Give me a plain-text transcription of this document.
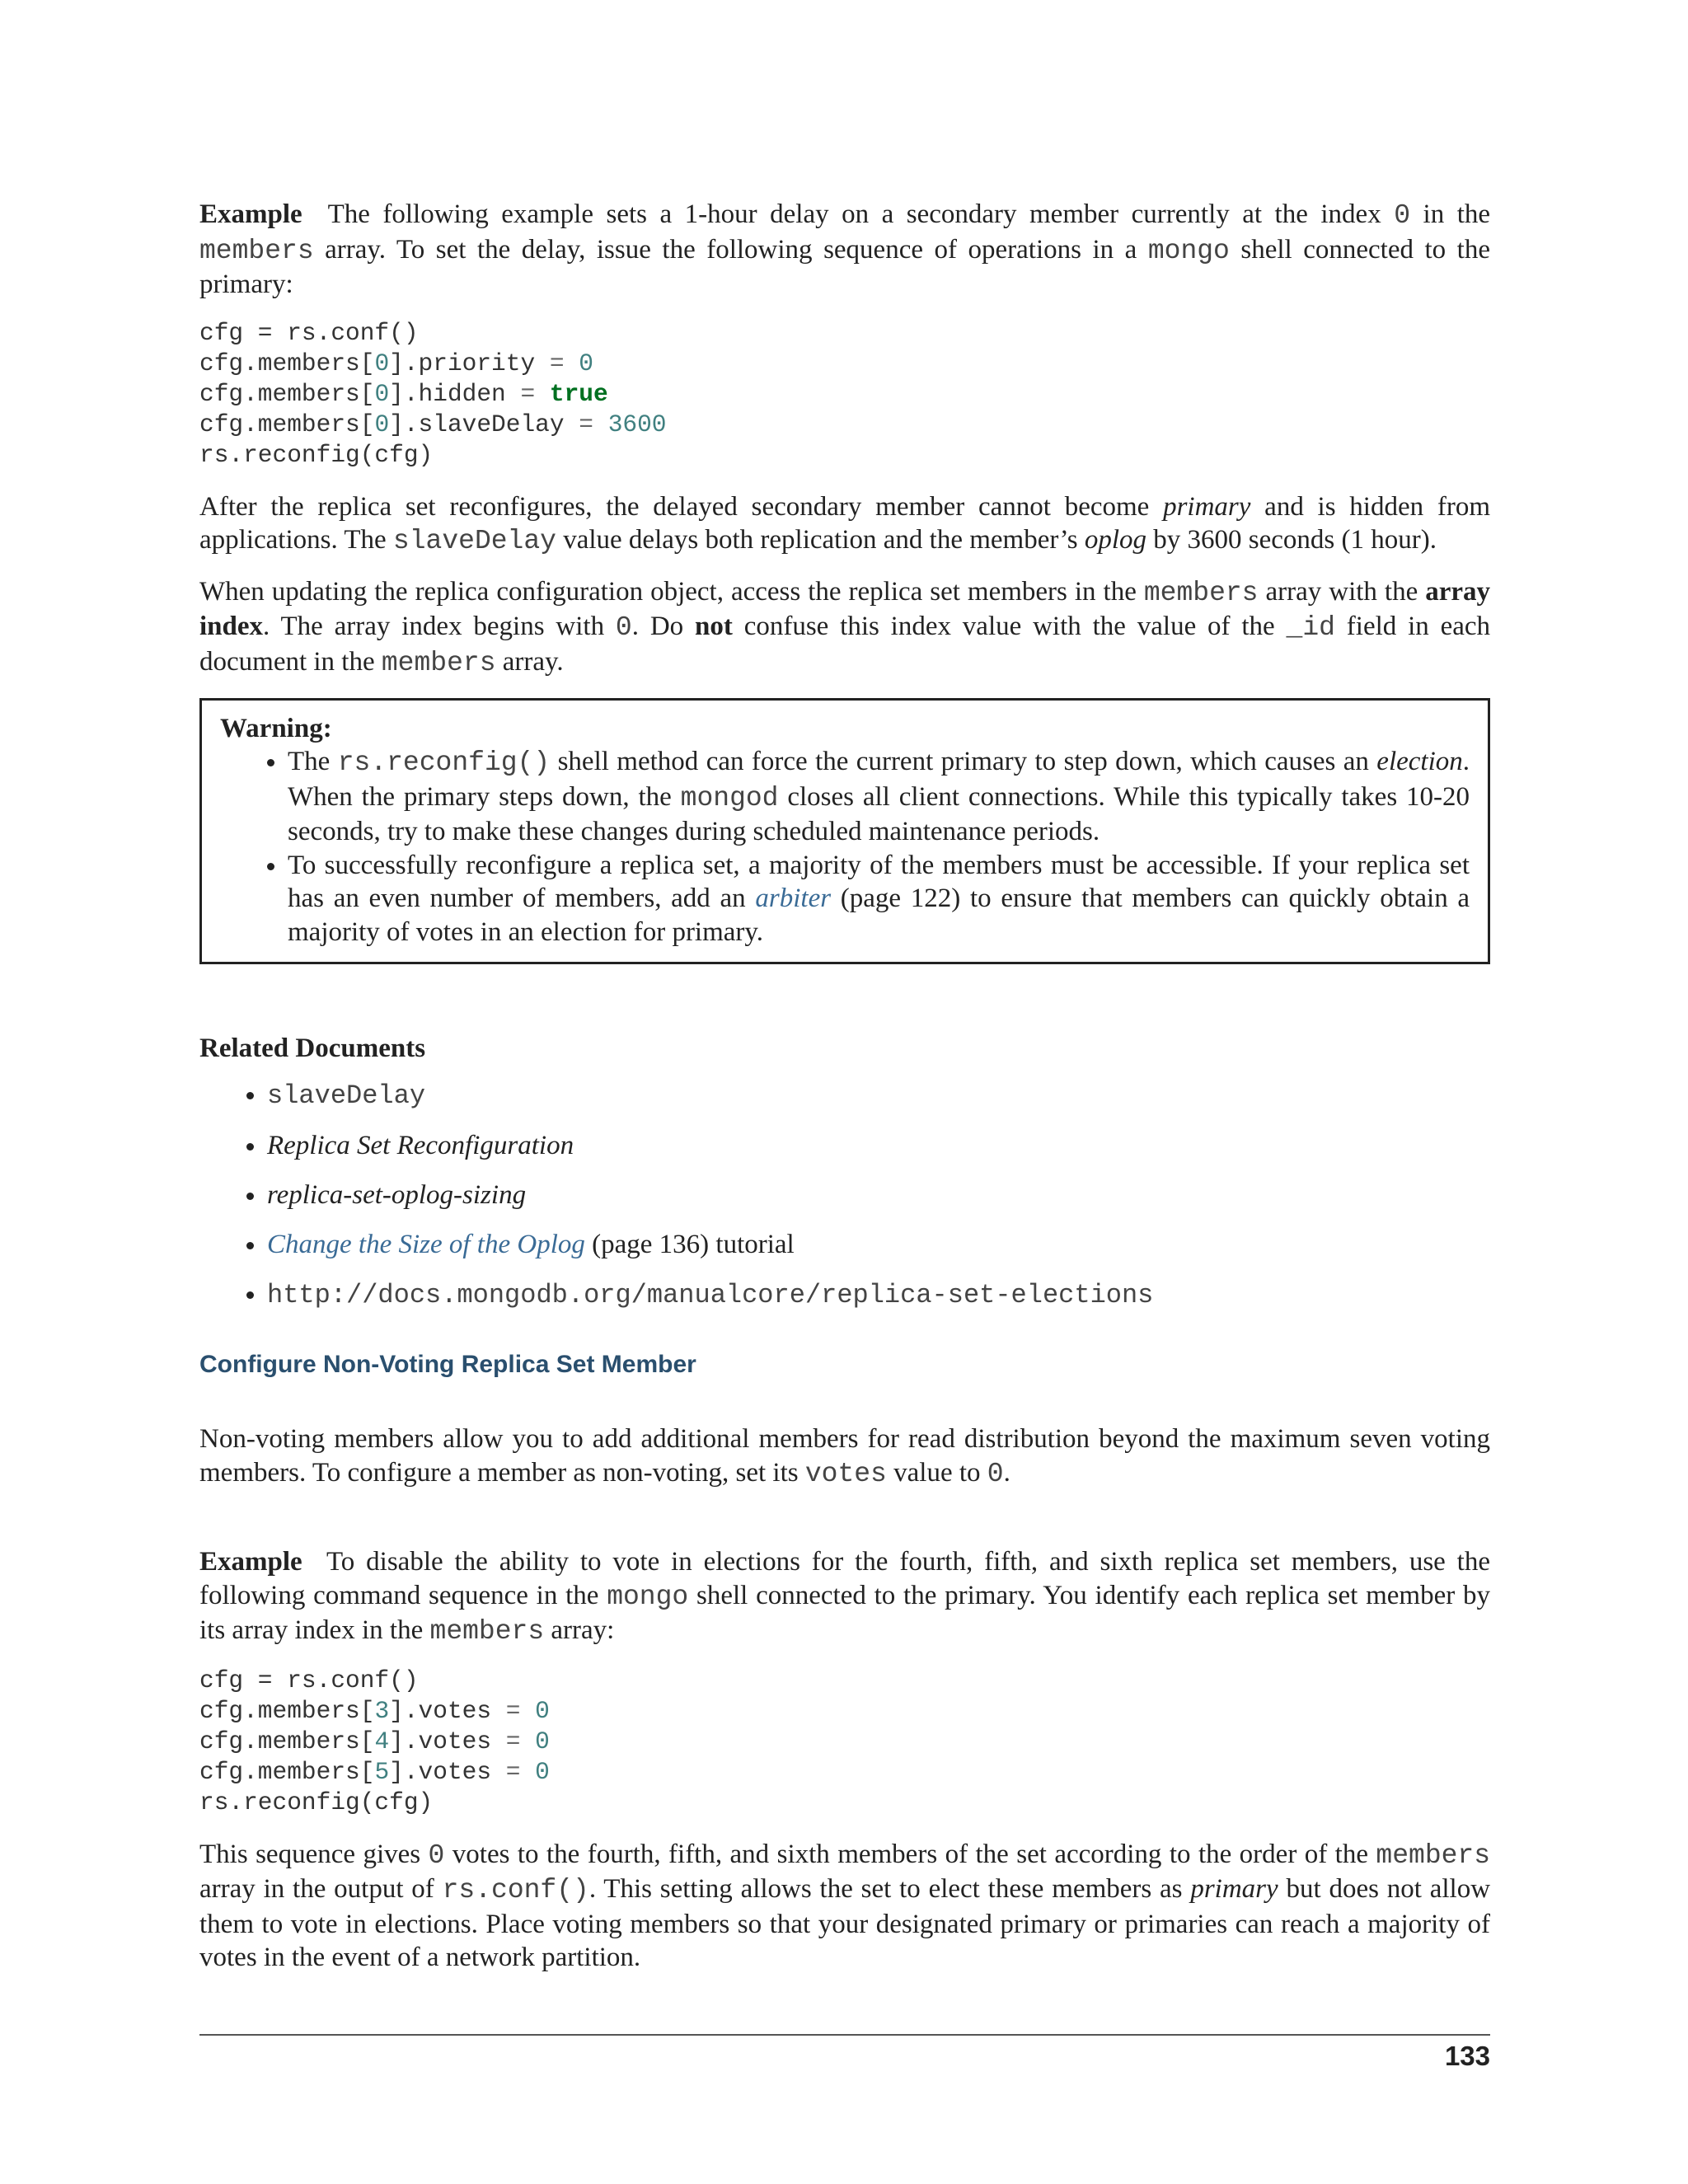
Example The following example sets a 1-hour delay on a secondary member currently at the index 0 in the members array. To set the delay, issue the following sequence of operations in a mongo shell connected to the primary:

cfg = rs.conf()
cfg.members[0].priority = 0
cfg.members[0].hidden = true
cfg.members[0].slaveDelay = 3600
rs.reconfig(cfg)

After the replica set reconfigures, the delayed secondary member cannot become primary and is hidden from applications. The slaveDelay value delays both replication and the member’s oplog by 3600 seconds (1 hour).

When updating the replica configuration object, access the replica set members in the members array with the array index. The array index begins with 0. Do not confuse this index value with the value of the _id field in each document in the members array.

Warning:
• The rs.reconfig() shell method can force the current primary to step down, which causes an election. When the primary steps down, the mongod closes all client connections. While this typically takes 10-20 seconds, try to make these changes during scheduled maintenance periods.
• To successfully reconfigure a replica set, a majority of the members must be accessible. If your replica set has an even number of members, add an arbiter (page 122) to ensure that members can quickly obtain a majority of votes in an election for primary.
Related Documents
• slaveDelay
• Replica Set Reconfiguration
• replica-set-oplog-sizing
• Change the Size of the Oplog (page 136) tutorial
• http://docs.mongodb.org/manualcore/replica-set-elections
Configure Non-Voting Replica Set Member

Non-voting members allow you to add additional members for read distribution beyond the maximum seven voting members. To configure a member as non-voting, set its votes value to 0.

Example To disable the ability to vote in elections for the fourth, fifth, and sixth replica set members, use the following command sequence in the mongo shell connected to the primary. You identify each replica set member by its array index in the members array:

cfg = rs.conf()
cfg.members[3].votes = 0
cfg.members[4].votes = 0
cfg.members[5].votes = 0
rs.reconfig(cfg)

This sequence gives 0 votes to the fourth, fifth, and sixth members of the set according to the order of the members array in the output of rs.conf(). This setting allows the set to elect these members as primary but does not allow them to vote in elections. Place voting members so that your designated primary or primaries can reach a majority of votes in the event of a network partition.

133
